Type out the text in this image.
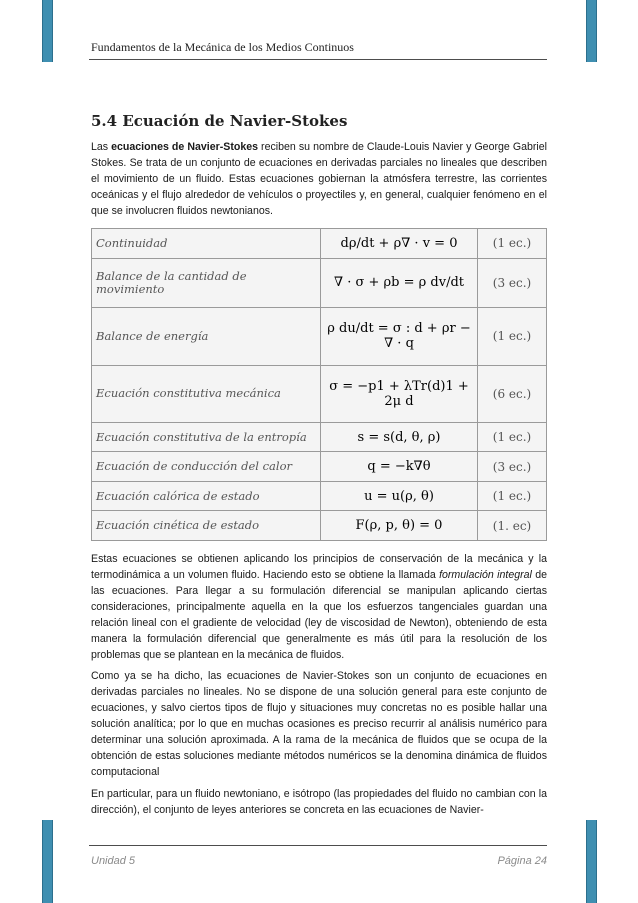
Fundamentos de la Mecánica de los Medios Continuos
5.4 Ecuación de Navier-Stokes

Las ecuaciones de Navier-Stokes reciben su nombre de Claude-Louis Navier y George Gabriel Stokes. Se trata de un conjunto de ecuaciones en derivadas parciales no lineales que describen el movimiento de un fluido. Estas ecuaciones gobiernan la atmósfera terrestre, las corrientes oceánicas y el flujo alrededor de vehículos o proyectiles y, en general, cualquier fenómeno en el que se involucren fluidos newtonianos.

Continuidad	dρ/dt + ρ∇ · v = 0	(1 ec.)
Balance de la cantidad de movimiento	∇ · σ + ρb = ρ dv/dt	(3 ec.)
Balance de energía	ρ du/dt = σ : d + ρr − ∇ · q	(1 ec.)
Ecuación constitutiva mecánica	σ = −p1 + λTr(d)1 + 2μ d	(6 ec.)
Ecuación constitutiva de la entropía	s = s(d, θ, ρ)	(1 ec.)
Ecuación de conducción del calor	q = −k∇θ	(3 ec.)
Ecuación calórica de estado	u = u(ρ, θ)	(1 ec.)
Ecuación cinética de estado	F(ρ, p, θ) = 0	(1. ec)

Estas ecuaciones se obtienen aplicando los principios de conservación de la mecánica y la termodinámica a un volumen fluido. Haciendo esto se obtiene la llamada formulación integral de las ecuaciones. Para llegar a su formulación diferencial se manipulan aplicando ciertas consideraciones, principalmente aquella en la que los esfuerzos tangenciales guardan una relación lineal con el gradiente de velocidad (ley de viscosidad de Newton), obteniendo de esta manera la formulación diferencial que generalmente es más útil para la resolución de los problemas que se plantean en la mecánica de fluidos.

Como ya se ha dicho, las ecuaciones de Navier-Stokes son un conjunto de ecuaciones en derivadas parciales no lineales. No se dispone de una solución general para este conjunto de ecuaciones, y salvo ciertos tipos de flujo y situaciones muy concretas no es posible hallar una solución analítica; por lo que en muchas ocasiones es preciso recurrir al análisis numérico para determinar una solución aproximada. A la rama de la mecánica de fluidos que se ocupa de la obtención de estas soluciones mediante métodos numéricos se la denomina dinámica de fluidos computacional

En particular, para un fluido newtoniano, e isótropo (las propiedades del fluido no cambian con la dirección), el conjunto de leyes anteriores se concreta en las ecuaciones de Navier-

Unidad 5	Página 24
